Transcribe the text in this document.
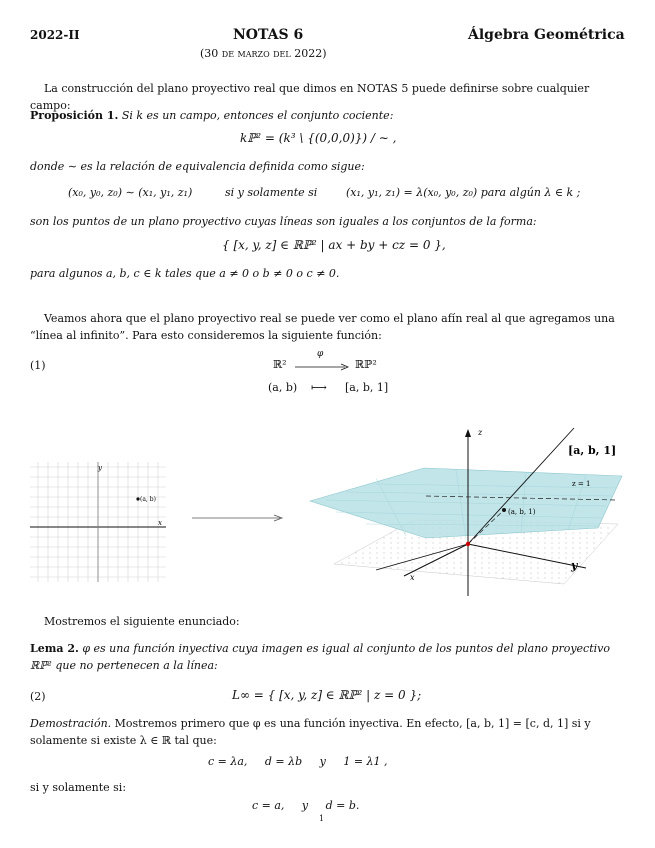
2022-II	NOTAS 6	Álgebra Geométrica
(30 de marzo del 2022)
La construcción del plano proyectivo real que dimos en NOTAS 5 puede definirse sobre cualquier campo:
Proposición 1. Si k es un campo, entonces el conjunto cociente:
kℙ² = (k³ \ {(0,0,0)}) / ∼ ,
donde ∼ es la relación de equivalencia definida como sigue:
(x₀, y₀, z₀) ∼ (x₁, y₁, z₁)	si y solamente si	(x₁, y₁, z₁) = λ(x₀, y₀, z₀) para algún λ ∈ k ;
son los puntos de un plano proyectivo cuyas líneas son iguales a los conjuntos de la forma:
{ [x, y, z] ∈ ℝℙ² | ax + by + cz = 0 },
para algunos a, b, c ∈ k tales que a ≠ 0 o b ≠ 0 o c ≠ 0.
Veamos ahora que el plano proyectivo real se puede ver como el plano afín real al que agregamos una “línea al infinito”. Para esto consideremos la siguiente función:
(1)	ℝ²
φ
ℝℙ²
(a, b) ⟼ [a, b, 1]
y
x
(a, b)
z
y
x
z = 1
[a, b, 1]
(a, b, 1)
Mostremos el siguiente enunciado:
Lema 2. φ es una función inyectiva cuya imagen es igual al conjunto de los puntos del plano proyectivo ℝℙ² que no pertenecen a la línea:
(2)	L∞ = { [x, y, z] ∈ ℝℙ² | z = 0 };
Demostración. Mostremos primero que φ es una función inyectiva. En efecto, [a, b, 1] = [c, d, 1] si y solamente si existe λ ∈ ℝ tal que:
c = λa,     d = λb     y     1 = λ1 ,
si y solamente si:
c = a,     y     d = b.
1
